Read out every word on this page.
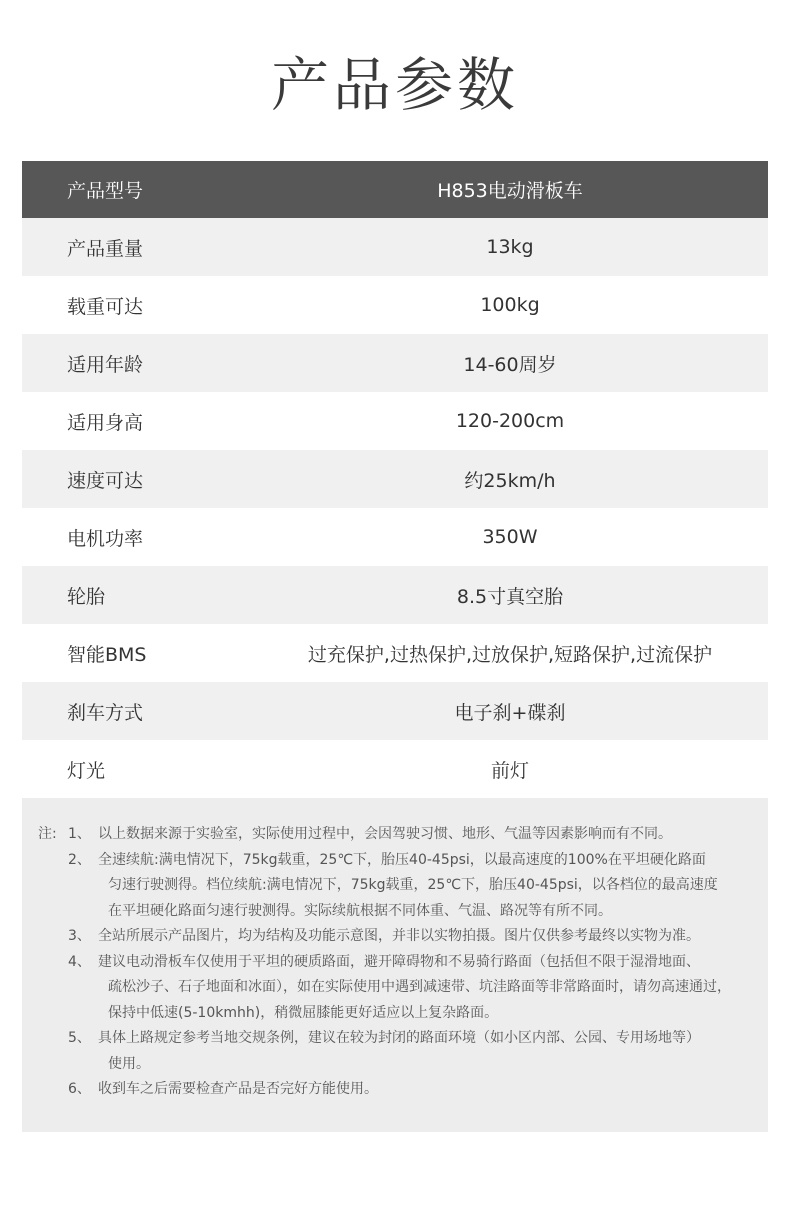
产品参数
产品型号	H853电动滑板车
产品重量	13kg
载重可达	100kg
适用年龄	14-60周岁
适用身高	120-200cm
速度可达	约25km/h
电机功率	350W
轮胎	8.5寸真空胎
智能BMS	过充保护,过热保护,过放保护,短路保护,过流保护
刹车方式	电子刹+碟刹
灯光	前灯
注: 1、 以上数据来源于实验室，实际使用过程中，会因驾驶习惯、地形、气温等因素影响而有不同。
2、 全速续航:满电情况下，75kg载重，25℃下，胎压40-45psi，以最高速度的100%在平坦硬化路面
匀速行驶测得。档位续航:满电情况下，75kg载重，25℃下，胎压40-45psi，以各档位的最高速度
在平坦硬化路面匀速行驶测得。实际续航根据不同体重、气温、路况等有所不同。
3、 全站所展示产品图片，均为结构及功能示意图，并非以实物拍摄。图片仅供参考最终以实物为准。
4、 建议电动滑板车仅使用于平坦的硬质路面，避开障碍物和不易骑行路面（包括但不限于湿滑地面、
疏松沙子、石子地面和冰面），如在实际使用中遇到减速带、坑洼路面等非常路面时，请勿高速通过，
保持中低速(5-10kmhh)，稍微屈膝能更好适应以上复杂路面。
5、 具体上路规定参考当地交规条例，建议在较为封闭的路面环境（如小区内部、公园、专用场地等）
使用。
6、 收到车之后需要检查产品是否完好方能使用。
